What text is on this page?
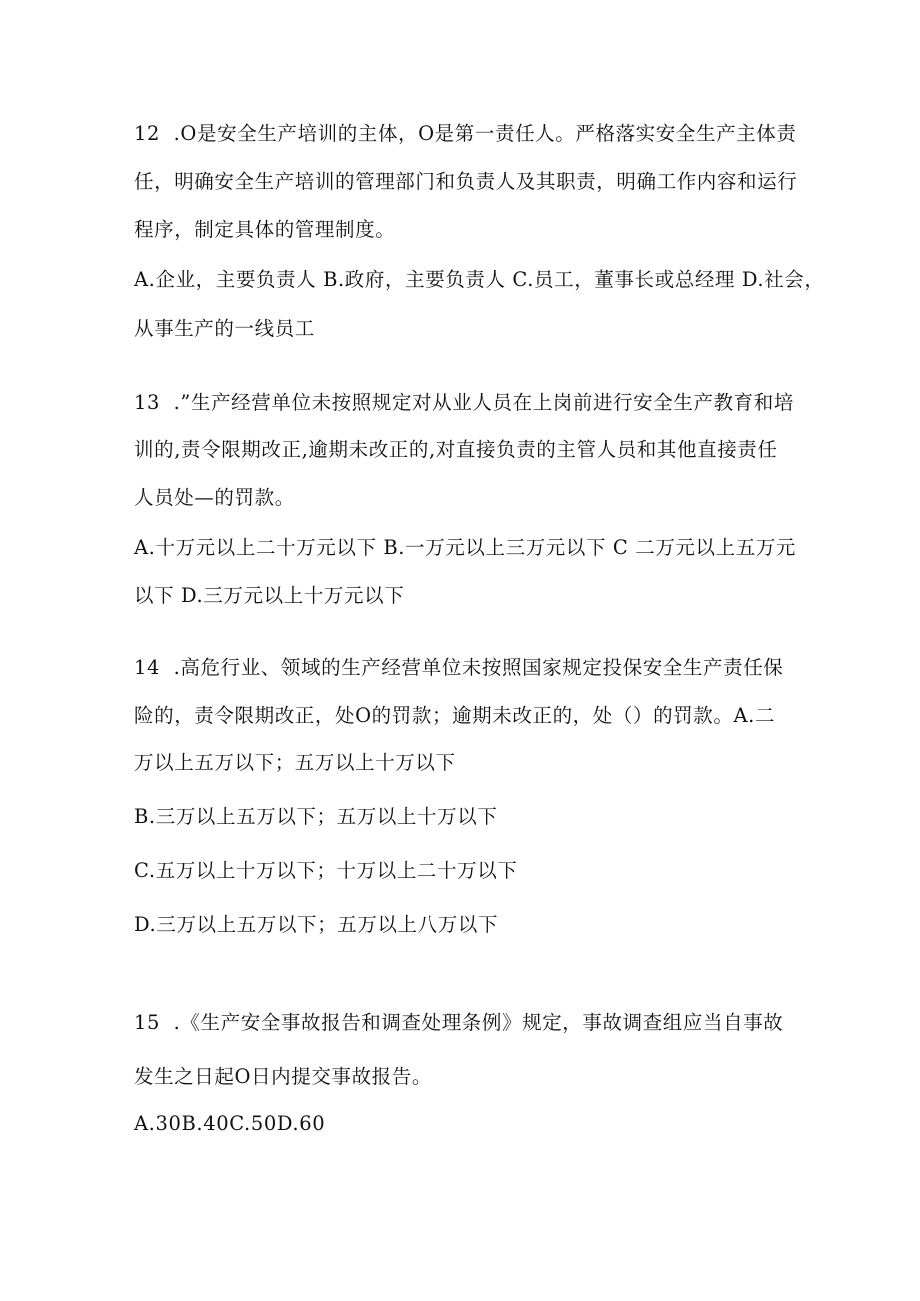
12  .O是安全生产培训的主体，O是第一责任人。严格落实安全生产主体责
任，明确安全生产培训的管理部门和负责人及其职责，明确工作内容和运行
程序，制定具体的管理制度。
A.企业，主要负责人 B.政府，主要负责人 C.员工，董事长或总经理 D.社会，
从事生产的一线员工
13  .”生产经营单位未按照规定对从业人员在上岗前进行安全生产教育和培
训的,责令限期改正,逾期未改正的,对直接负责的主管人员和其他直接责任
人员处—的罚款。
A.十万元以上二十万元以下 B.一万元以上三万元以下 C 二万元以上五万元
以下 D.三万元以上十万元以下
14  .高危行业、领域的生产经营单位未按照国家规定投保安全生产责任保
险的，责令限期改正，处O的罚款；逾期未改正的，处（）的罚款。A.二
万以上五万以下；五万以上十万以下
B.三万以上五万以下；五万以上十万以下
C.五万以上十万以下；十万以上二十万以下
D.三万以上五万以下；五万以上八万以下
15  .《生产安全事故报告和调查处理条例》规定，事故调查组应当自事故
发生之日起O日内提交事故报告。
A.30B.40C.50D.60
